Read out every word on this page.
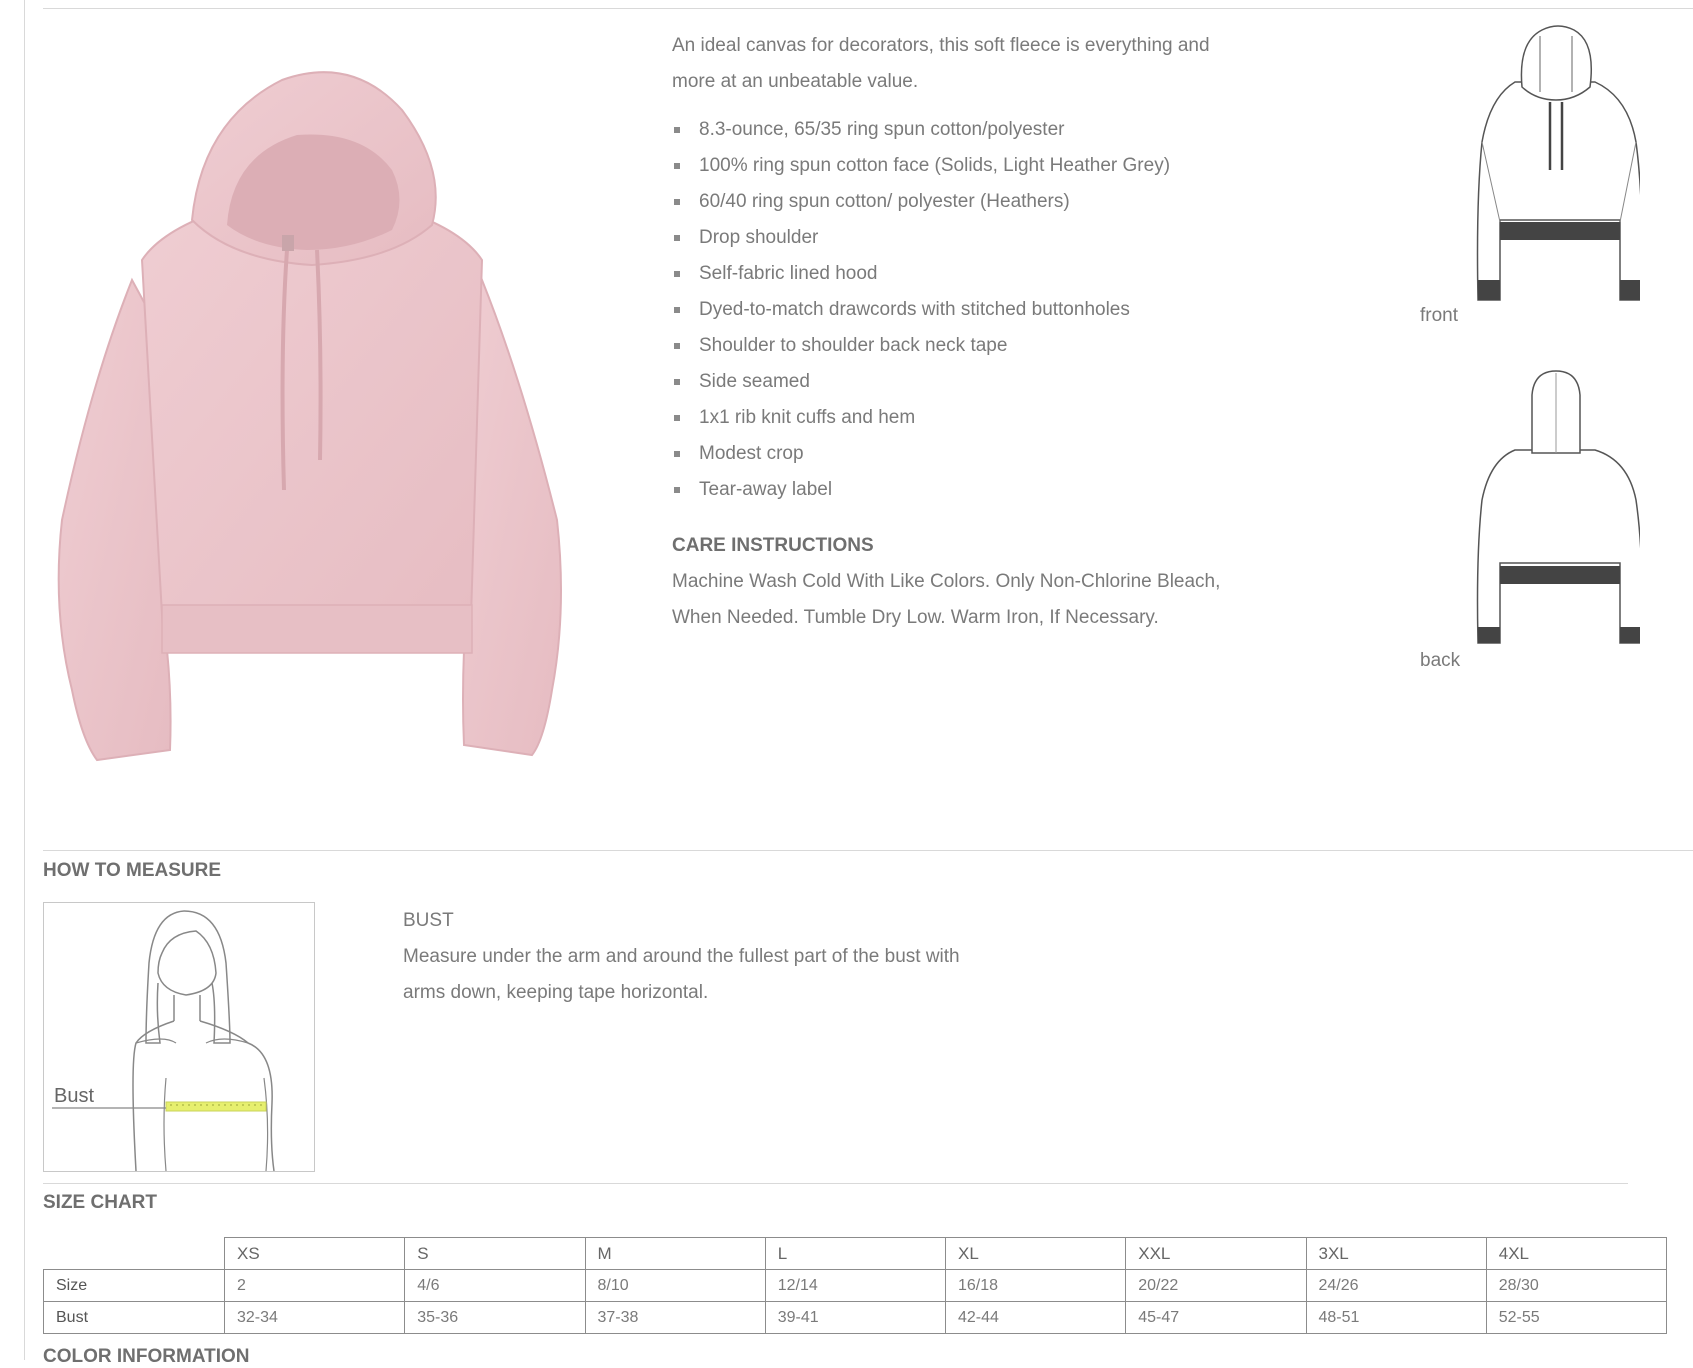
An ideal canvas for decorators, this soft fleece is everything and more at an unbeatable value.

8.3-ounce, 65/35 ring spun cotton/polyester
100% ring spun cotton face (Solids, Light Heather Grey)
60/40 ring spun cotton/ polyester (Heathers)
Drop shoulder
Self-fabric lined hood
Dyed-to-match drawcords with stitched buttonholes
Shoulder to shoulder back neck tape
Side seamed
1x1 rib knit cuffs and hem
Modest crop
Tear-away label
CARE INSTRUCTIONS

Machine Wash Cold With Like Colors. Only Non-Chlorine Bleach, When Needed. Tumble Dry Low. Warm Iron, If Necessary.

front
back
HOW TO MEASURE
Bust

BUST

Measure under the arm and around the fullest part of the bust with arms down, keeping tape horizontal.

SIZE CHART
	XS	S	M	L	XL	XXL	3XL	4XL
Size	2	4/6	8/10	12/14	16/18	20/22	24/26	28/30
Bust	32-34	35-36	37-38	39-41	42-44	45-47	48-51	52-55
COLOR INFORMATION
